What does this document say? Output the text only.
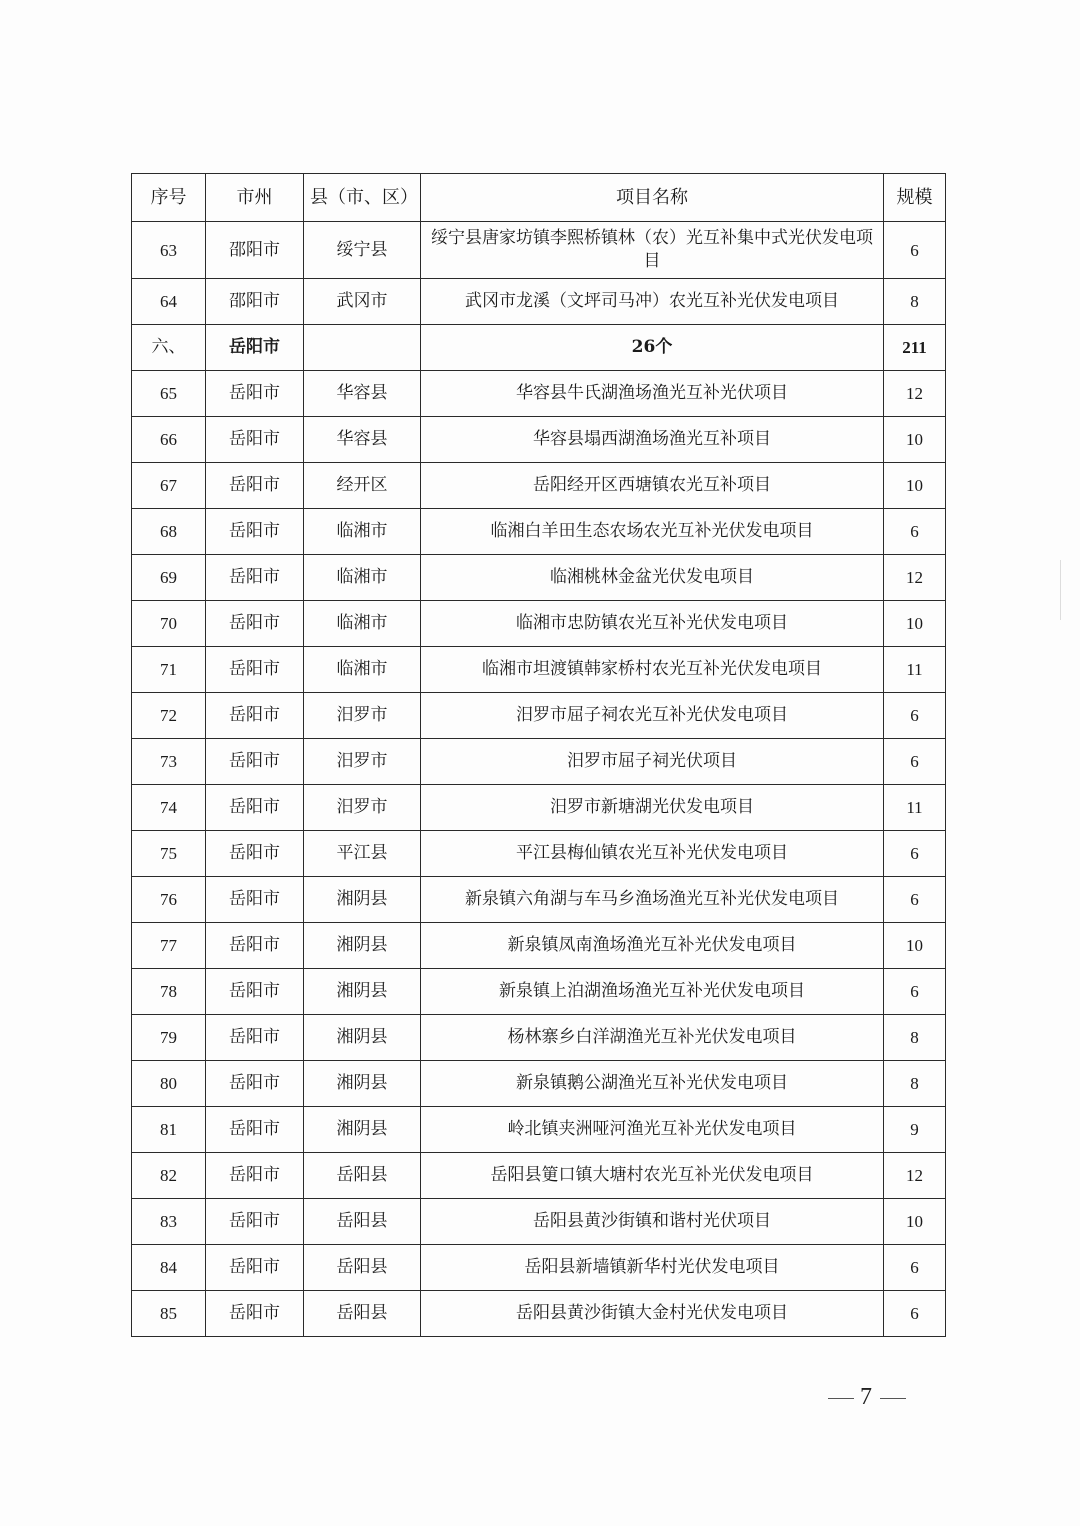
序号	市州	县（市、区）	项目名称	规模
63	邵阳市	绥宁县	绥宁县唐家坊镇李熙桥镇林（农）光互补集中式光伏发电项目	6
64	邵阳市	武冈市	武冈市龙溪（文坪司马冲）农光互补光伏发电项目	8
六、	岳阳市		26个	211
65	岳阳市	华容县	华容县牛氏湖渔场渔光互补光伏项目	12
66	岳阳市	华容县	华容县塌西湖渔场渔光互补项目	10
67	岳阳市	经开区	岳阳经开区西塘镇农光互补项目	10
68	岳阳市	临湘市	临湘白羊田生态农场农光互补光伏发电项目	6
69	岳阳市	临湘市	临湘桃林金盆光伏发电项目	12
70	岳阳市	临湘市	临湘市忠防镇农光互补光伏发电项目	10
71	岳阳市	临湘市	临湘市坦渡镇韩家桥村农光互补光伏发电项目	11
72	岳阳市	汨罗市	汨罗市屈子祠农光互补光伏发电项目	6
73	岳阳市	汨罗市	汨罗市屈子祠光伏项目	6
74	岳阳市	汨罗市	汨罗市新塘湖光伏发电项目	11
75	岳阳市	平江县	平江县梅仙镇农光互补光伏发电项目	6
76	岳阳市	湘阴县	新泉镇六角湖与车马乡渔场渔光互补光伏发电项目	6
77	岳阳市	湘阴县	新泉镇凤南渔场渔光互补光伏发电项目	10
78	岳阳市	湘阴县	新泉镇上泊湖渔场渔光互补光伏发电项目	6
79	岳阳市	湘阴县	杨林寨乡白洋湖渔光互补光伏发电项目	8
80	岳阳市	湘阴县	新泉镇鹅公湖渔光互补光伏发电项目	8
81	岳阳市	湘阴县	岭北镇夹洲哑河渔光互补光伏发电项目	9
82	岳阳市	岳阳县	岳阳县筻口镇大塘村农光互补光伏发电项目	12
83	岳阳市	岳阳县	岳阳县黄沙街镇和谐村光伏项目	10
84	岳阳市	岳阳县	岳阳县新墙镇新华村光伏发电项目	6
85	岳阳市	岳阳县	岳阳县黄沙街镇大金村光伏发电项目	6
7
